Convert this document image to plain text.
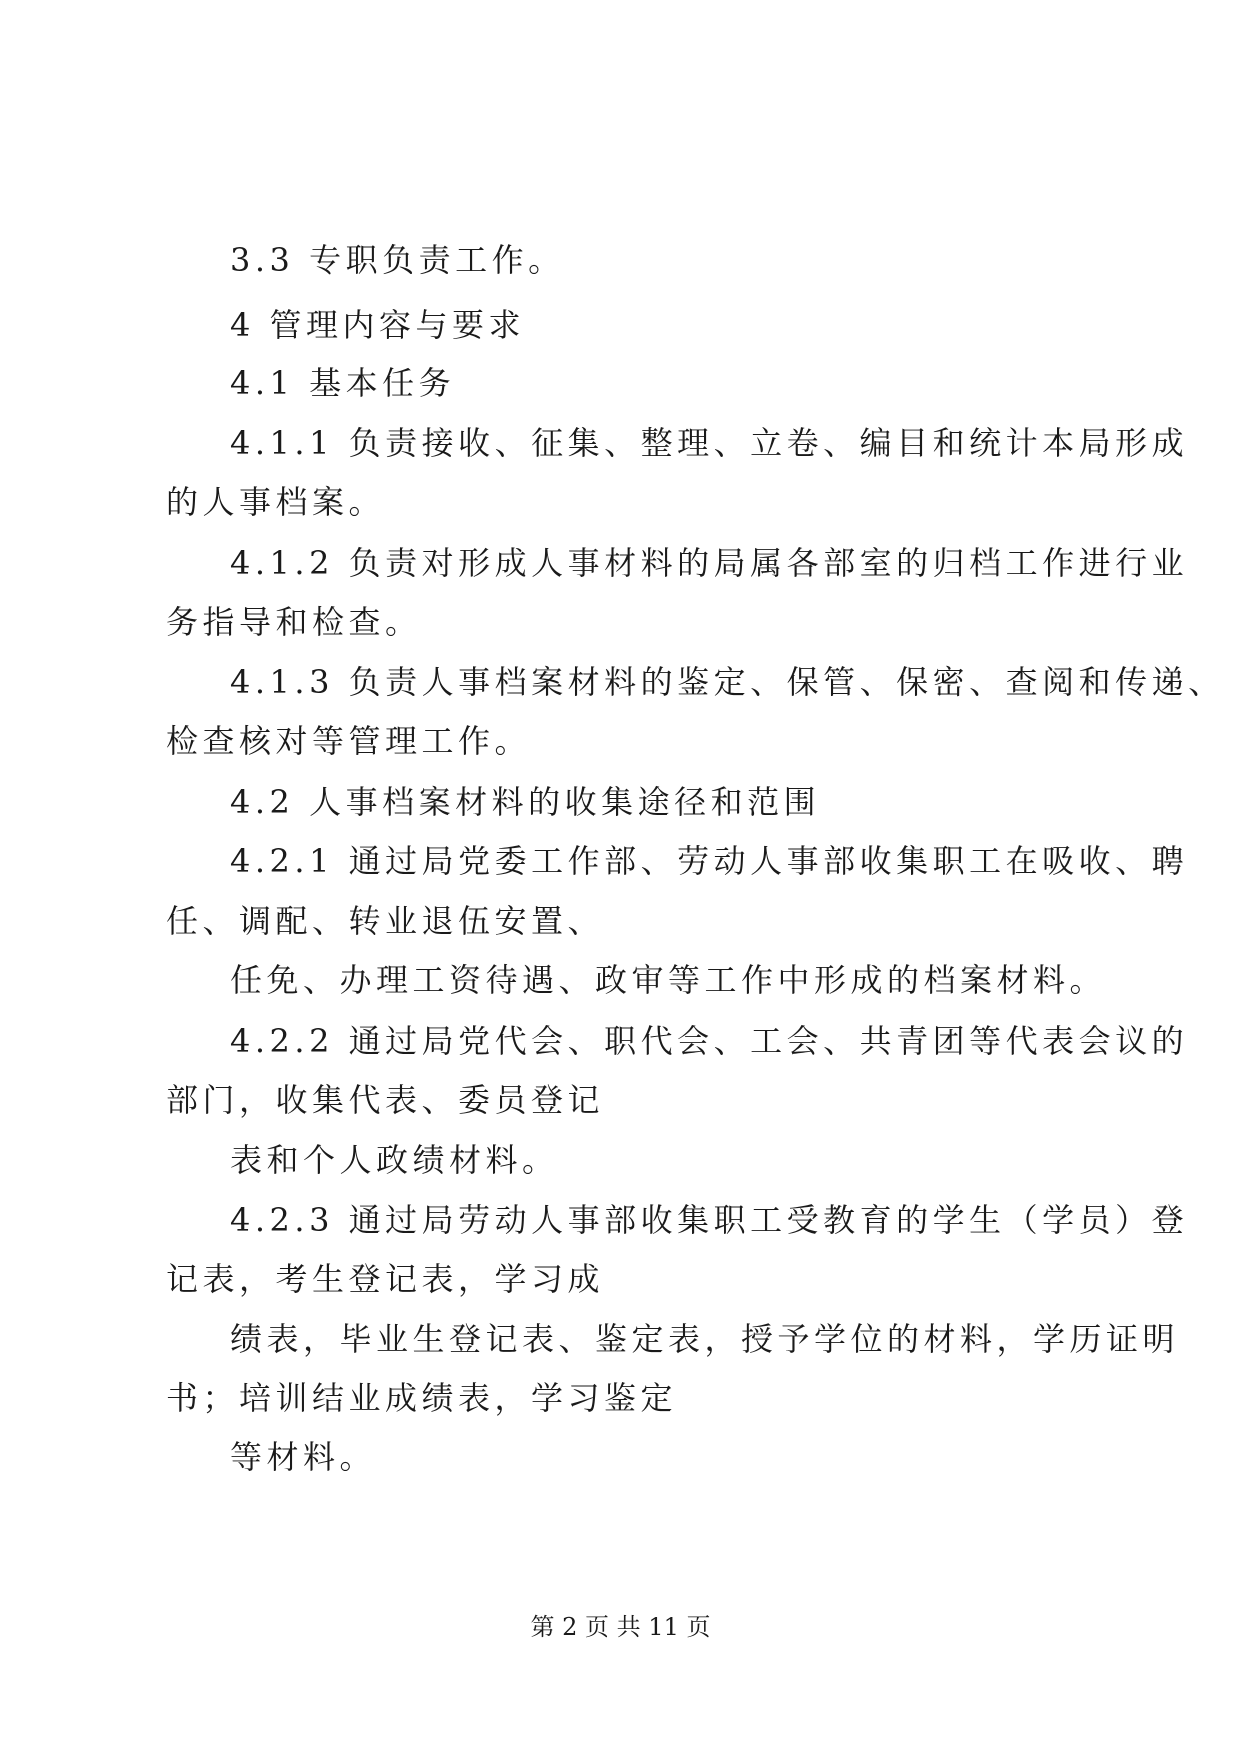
3.3 专职负责工作。
4 管理内容与要求
4.1 基本任务
4.1.1 负责接收、征集、整理、立卷、编目和统计本局形成
的人事档案。
4.1.2 负责对形成人事材料的局属各部室的归档工作进行业
务指导和检查。
4.1.3 负责人事档案材料的鉴定、保管、保密、查阅和传递、
检查核对等管理工作。
4.2 人事档案材料的收集途径和范围
4.2.1 通过局党委工作部、劳动人事部收集职工在吸收、聘
任、调配、转业退伍安置、
任免、办理工资待遇、政审等工作中形成的档案材料。
4.2.2 通过局党代会、职代会、工会、共青团等代表会议的
部门，收集代表、委员登记
表和个人政绩材料。
4.2.3 通过局劳动人事部收集职工受教育的学生（学员）登
记表，考生登记表，学习成
绩表，毕业生登记表、鉴定表，授予学位的材料，学历证明
书；培训结业成绩表，学习鉴定
等材料。
第 2 页 共 11 页
